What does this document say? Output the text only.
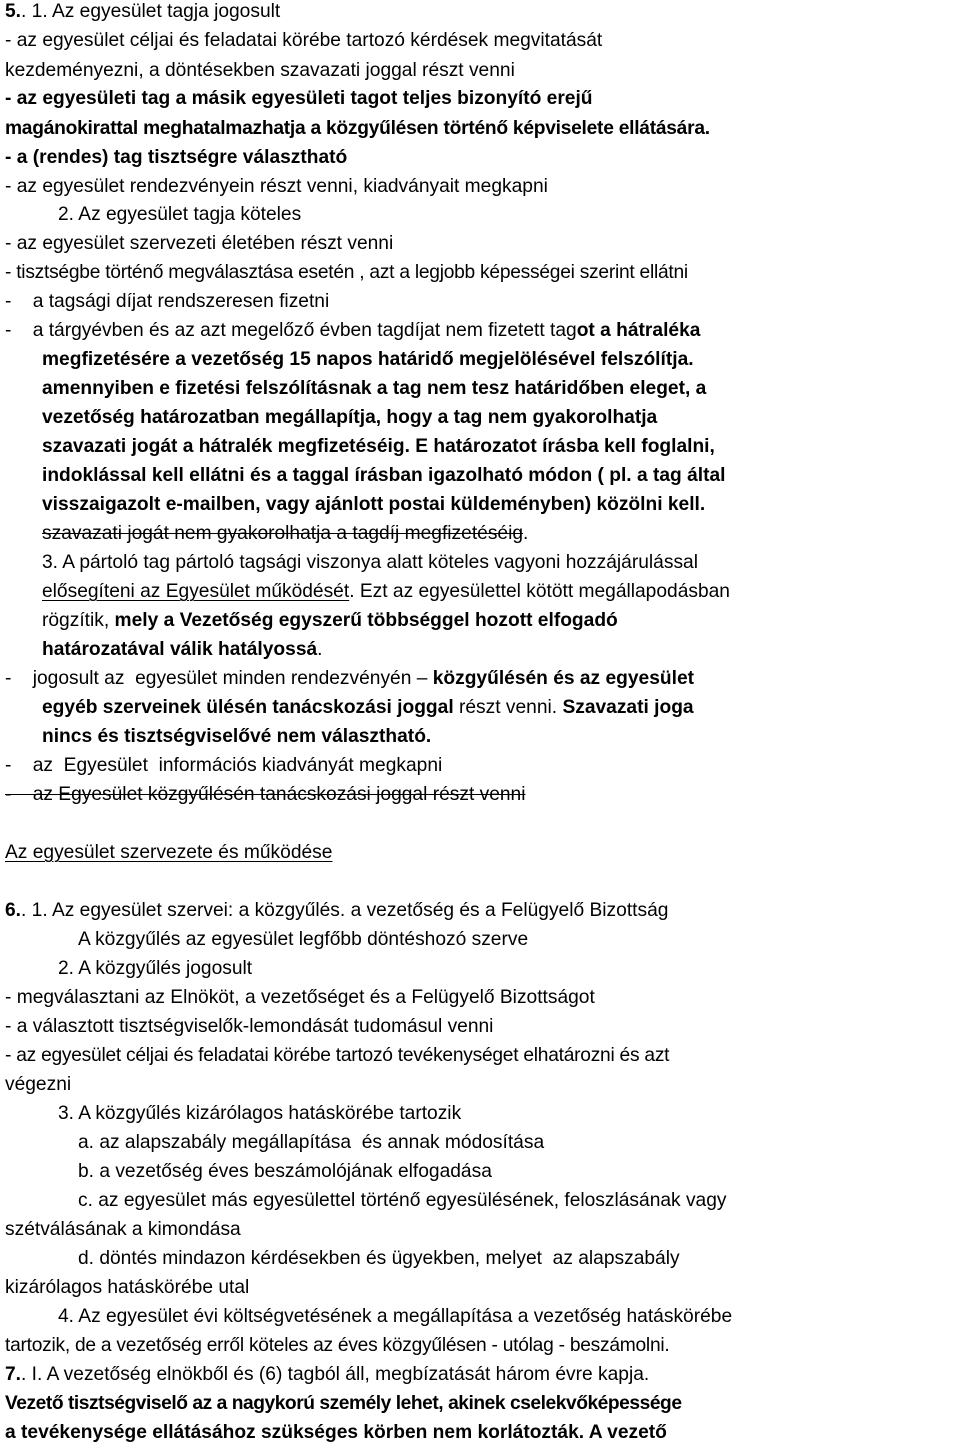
5.. 1. Az egyesület tagja jogosult
- az egyesület céljai és feladatai körébe tartozó kérdések megvitatását
kezdeményezni, a döntésekben szavazati joggal részt venni
- az egyesületi tag a másik egyesületi tagot teljes bizonyító erejű
magánokirattal meghatalmazhatja a közgyűlésen történő képviselete ellátására.
- a (rendes) tag tisztségre választható
- az egyesület rendezvényein részt venni, kiadványait megkapni
2. Az egyesület tagja köteles
- az egyesület szervezeti életében részt venni
- tisztségbe történő megválasztása esetén , azt a legjobb képességei szerint ellátni
-    a tagsági díjat rendszeresen fizetni
-    a tárgyévben és az azt megelőző évben tagdíjat nem fizetett tagot a hátraléka
megfizetésére a vezetőség 15 napos határidő megjelölésével felszólítja.
amennyiben e fizetési felszólításnak a tag nem tesz határidőben eleget, a
vezetőség határozatban megállapítja, hogy a tag nem gyakorolhatja
szavazati jogát a hátralék megfizetéséig. E határozatot írásba kell foglalni,
indoklással kell ellátni és a taggal írásban igazolható módon ( pl. a tag által
visszaigazolt e-mailben, vagy ajánlott postai küldeményben) közölni kell.
szavazati jogát nem gyakorolhatja a tagdíj megfizetéséig.
3. A pártoló tag pártoló tagsági viszonya alatt köteles vagyoni hozzájárulással
elősegíteni az Egyesület működését. Ezt az egyesülettel kötött megállapodásban
rögzítik, mely a Vezetőség egyszerű többséggel hozott elfogadó
határozatával válik hatályossá.
-    jogosult az  egyesület minden rendezvényén – közgyűlésén és az egyesület
egyéb szerveinek ülésén tanácskozási joggal részt venni. Szavazati joga
nincs és tisztségviselővé nem választható.
-    az  Egyesület  információs kiadványát megkapni
-    az Egyesület közgyűlésén tanácskozási joggal részt venni
Az egyesület szervezete és működése
6.. 1. Az egyesület szervei: a közgyűlés. a vezetőség és a Felügyelő Bizottság
A közgyűlés az egyesület legfőbb döntéshozó szerve
2. A közgyűlés jogosult
- megválasztani az Elnököt, a vezetőséget és a Felügyelő Bizottságot
- a választott tisztségviselők-lemondását tudomásul venni
- az egyesület céljai és feladatai körébe tartozó tevékenységet elhatározni és azt
végezni
3. A közgyűlés kizárólagos hatáskörébe tartozik
a. az alapszabály megállapítása  és annak módosítása
b. a vezetőség éves beszámolójának elfogadása
c. az egyesület más egyesülettel történő egyesülésének, feloszlásának vagy
szétválásának a kimondása
d. döntés mindazon kérdésekben és ügyekben, melyet  az alapszabály
kizárólagos hatáskörébe utal
4. Az egyesület évi költségvetésének a megállapítása a vezetőség hatáskörébe
tartozik, de a vezetőség erről köteles az éves közgyűlésen - utólag - beszámolni.
7.. I. A vezetőség elnökből és (6) tagból áll, megbízatását három évre kapja.
Vezető tisztségviselő az a nagykorú személy lehet, akinek cselekvőképessége
a tevékenysége ellátásához szükséges körben nem korlátozták. A vezető
